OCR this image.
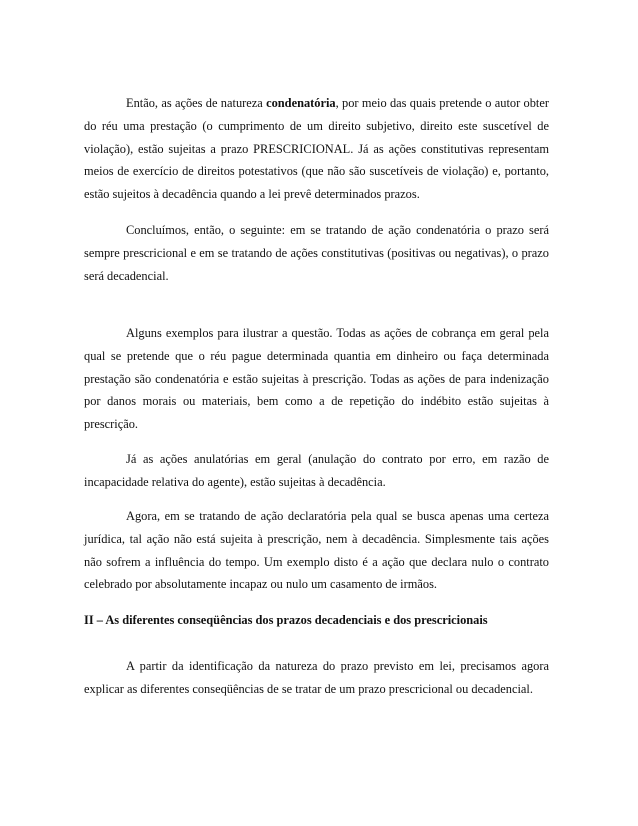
Então, as ações de natureza condenatória, por meio das quais pretende o autor obter do réu uma prestação (o cumprimento de um direito subjetivo, direito este suscetível de violação), estão sujeitas a prazo PRESCRICIONAL. Já as ações constitutivas representam meios de exercício de direitos potestativos (que não são suscetíveis de violação) e, portanto, estão sujeitos à decadência quando a lei prevê determinados prazos.

Concluímos, então, o seguinte: em se tratando de ação condenatória o prazo será sempre prescricional e em se tratando de ações constitutivas (positivas ou negativas), o prazo será decadencial.

Alguns exemplos para ilustrar a questão. Todas as ações de cobrança em geral pela qual se pretende que o réu pague determinada quantia em dinheiro ou faça determinada prestação são condenatória e estão sujeitas à prescrição. Todas as ações de para indenização por danos morais ou materiais, bem como a de repetição do indébito estão sujeitas à prescrição.

Já as ações anulatórias em geral (anulação do contrato por erro, em razão de incapacidade relativa do agente), estão sujeitas à decadência.

Agora, em se tratando de ação declaratória pela qual se busca apenas uma certeza jurídica, tal ação não está sujeita à prescrição, nem à decadência. Simplesmente tais ações não sofrem a influência do tempo. Um exemplo disto é a ação que declara nulo o contrato celebrado por absolutamente incapaz ou nulo um casamento de irmãos.

II – As diferentes conseqüências dos prazos decadenciais e dos prescricionais

A partir da identificação da natureza do prazo previsto em lei, precisamos agora explicar as diferentes conseqüências de se tratar de um prazo prescricional ou decadencial.
